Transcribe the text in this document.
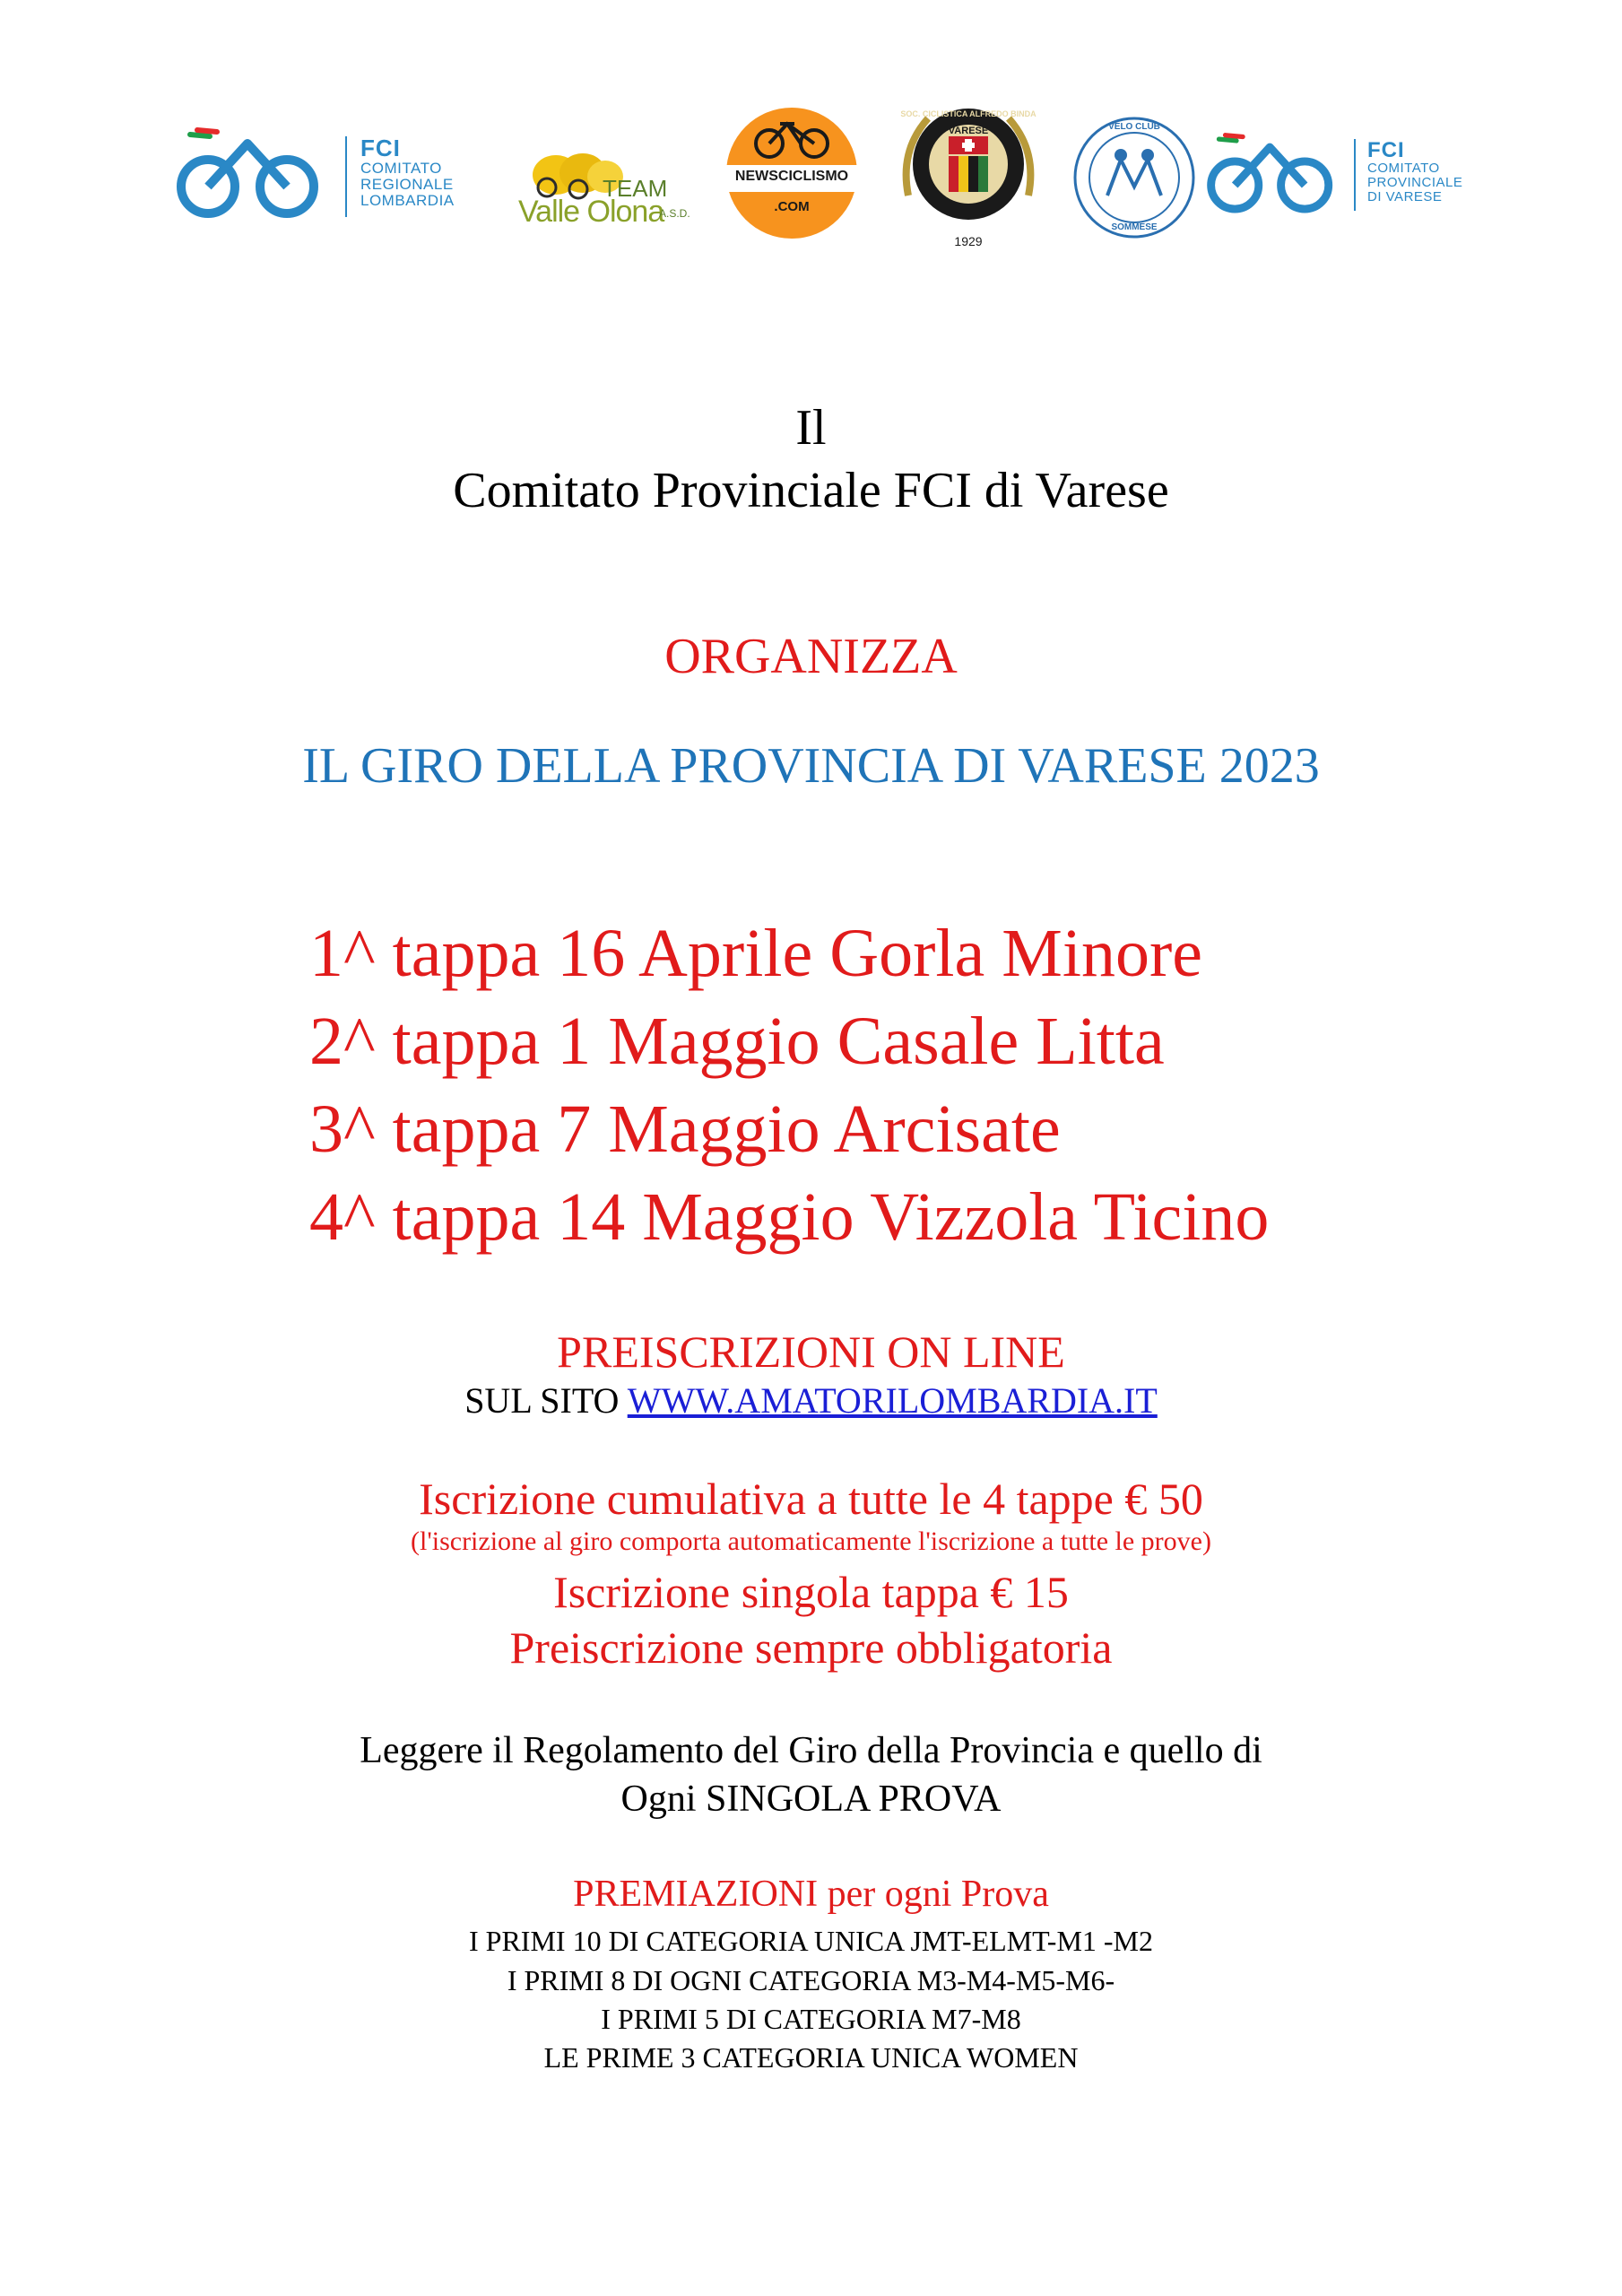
FCI
COMITATO
REGIONALE
LOMBARDIA	TEAM
Valle Olona
A.S.D.
NEWSCICLISMO
.COM
SOC. CICLISTICA ALFREDO BINDA
VARESE
1929
VELO CLUB
SOMMESE
FCI
COMITATO
PROVINCIALE
DI VARESE
Il
Comitato Provinciale FCI di Varese
ORGANIZZA
IL GIRO DELLA PROVINCIA DI VARESE 2023
1^ tappa 16 Aprile Gorla Minore
2^ tappa 1 Maggio Casale Litta
3^ tappa 7 Maggio Arcisate
4^ tappa 14 Maggio Vizzola Ticino
PREISCRIZIONI ON LINE
SUL SITO WWW.AMATORILOMBARDIA.IT
Iscrizione cumulativa a tutte le 4 tappe € 50
(l'iscrizione al giro comporta automaticamente l'iscrizione a tutte le prove)
Iscrizione singola tappa € 15
Preiscrizione sempre obbligatoria
Leggere il Regolamento del Giro della Provincia e quello di
Ogni SINGOLA PROVA
PREMIAZIONI per ogni Prova
I PRIMI 10 DI CATEGORIA UNICA JMT-ELMT-M1 -M2
I PRIMI 8 DI OGNI CATEGORIA M3-M4-M5-M6-
I PRIMI 5 DI CATEGORIA M7-M8
LE PRIME 3 CATEGORIA UNICA WOMEN
